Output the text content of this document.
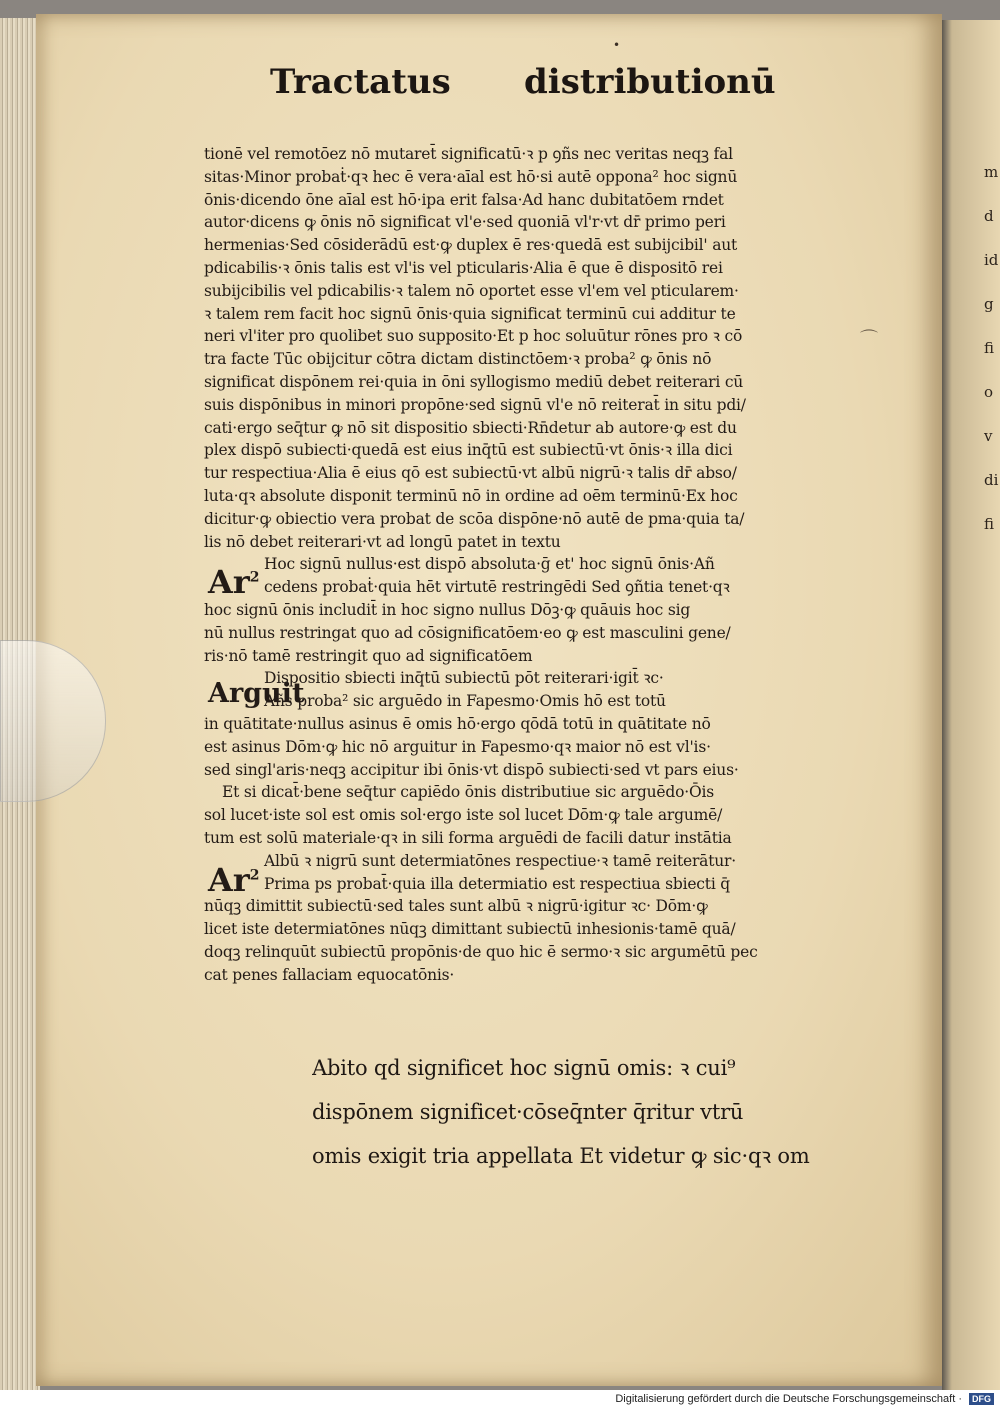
•
Tractatus distributionū
tionē vel remotōez nō mutaret̄ significatū·ꝛ p ꝯñs nec veritas neqꝫ fal
sitas·Minor probaṫ·qꝛ hec ē vera·aīal est hō·si autē oppona² hoc signū
ōnis·dicendo ōne aīal est hō·ipa erit falsa·Ad hanc dubitatōem rndet
autor·dicens ꝙ ōnis nō significat vl'e·sed quoniā vl'r·vt dr̄ primo peri
hermenias·Sed cōsiderādū est·ꝙ duplex ē res·quedā est subijcibil' aut
pdicabilis·ꝛ ōnis talis est vl'is vel pticularis·Alia ē que ē dispositō rei
subijcibilis vel pdicabilis·ꝛ talem nō oportet esse vl'em vel pticularem·
ꝛ talem rem facit hoc signū ōnis·quia significat terminū cui additur te
neri vl'iter pro quolibet suo supposito·Et p hoc soluūtur rōnes pro ꝛ cō
tra facte Tūc obijcitur cōtra dictam distinctōem·ꝛ proba² ꝙ ōnis nō
significat dispōnem rei·quia in ōni syllogismo mediū debet reiterari cū
suis dispōnibus in minori propōne·sed signū vl'e nō reiterat̄ in situ pdi/
cati·ergo seq̄tur ꝙ nō sit dispositio sbiecti·Rn̄detur ab autore·ꝙ est du
plex dispō subiecti·quedā est eius inq̄tū est subiectū·vt ōnis·ꝛ illa dici
tur respectiua·Alia ē eius qō est subiectū·vt albū nigrū·ꝛ talis dr̄ abso/
luta·qꝛ absolute disponit terminū nō in ordine ad oēm terminū·Ex hoc
dicitur·ꝙ obiectio vera probat de scōa dispōne·nō autē de pma·quia ta/
lis nō debet reiterari·vt ad longū patet in textu
Hoc signū nullus·est dispō absoluta·ḡ et' hoc signū ōnis·Añ
cedens probaṫ·quia hēt virtutē restringēdi Sed ꝯñtia tenet·qꝛ
hoc signū ōnis includit̄ in hoc signo nullus Dōꝫ·ꝙ quāuis hoc sig
nū nullus restringat quo ad cōsignificatōem·eo ꝙ est masculini gene/
ris·nō tamē restringit quo ad significatōem
Dispositio sbiecti inq̄tū subiectū pōt reiterari·igit̄ ꝛc·
Añs proba² sic arguēdo in Fapesmo·Omis hō est totū
in quātitate·nullus asinus ē omis hō·ergo qōdā totū in quātitate nō
est asinus Dōm·ꝙ hic nō arguitur in Fapesmo·qꝛ maior nō est vl'is·
sed singl'aris·neqꝫ accipitur ibi ōnis·vt dispō subiecti·sed vt pars eius·
Et si dicat̄·bene seq̄tur capiēdo ōnis distributiue sic arguēdo·Ōis
sol lucet·iste sol est omis sol·ergo iste sol lucet Dōm·ꝙ tale argumē/
tum est solū materiale·qꝛ in sili forma arguēdi de facili datur instātia
Albū ꝛ nigrū sunt determiatōnes respectiue·ꝛ tamē reiterātur·
Prima ps probat̄·quia illa determiatio est respectiua sbiecti q̄
nūqꝫ dimittit subiectū·sed tales sunt albū ꝛ nigrū·igitur ꝛc· Dōm·ꝙ
licet iste determiatōnes nūqꝫ dimittant subiectū inhesionis·tamē quā/
doqꝫ relinquūt subiectū propōnis·de quo hic ē sermo·ꝛ sic argumētū pec
cat penes fallaciam equocatōnis·
$Ar^2$
Arguit
Ar$^2$
Abito qd significet hoc signū omis: ꝛ cui⁹
dispōnem significet·cōseq̄nter q̄ritur vtrū
omis exigit tria appellata Et videtur ꝙ sic·qꝛ om
m
d
id
g
fi
o
v
di
fi
⌒
Digitalisierung gefördert durch die Deutsche Forschungsgemeinschaft ·	DFG
